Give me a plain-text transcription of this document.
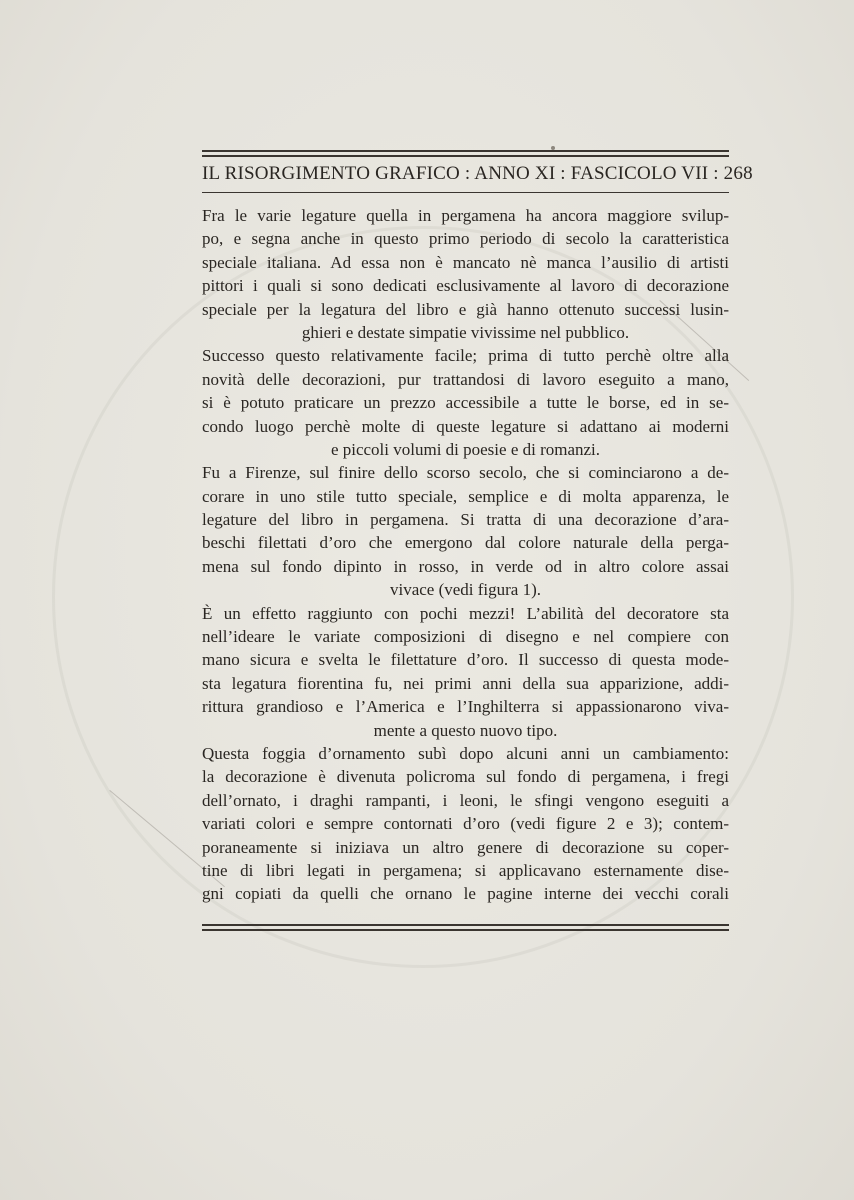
IL RISORGIMENTO GRAFICO : ANNO XI : FASCICOLO VII : 268
Fra le varie legature quella in pergamena ha ancora maggiore svilup-
po, e segna anche in questo primo periodo di secolo la caratteristica
speciale italiana. Ad essa non è mancato nè manca l’ausilio di artisti
pittori i quali si sono dedicati esclusivamente al lavoro di decorazione
speciale per la legatura del libro e già hanno ottenuto successi lusin-
ghieri e destate simpatie vivissime nel pubblico.
Successo questo relativamente facile; prima di tutto perchè oltre alla
novità delle decorazioni, pur trattandosi di lavoro eseguito a mano,
si è potuto praticare un prezzo accessibile a tutte le borse, ed in se-
condo luogo perchè molte di queste legature si adattano ai moderni
e piccoli volumi di poesie e di romanzi.
Fu a Firenze, sul finire dello scorso secolo, che si cominciarono a de-
corare in uno stile tutto speciale, semplice e di molta apparenza, le
legature del libro in pergamena. Si tratta di una decorazione d’ara-
beschi filettati d’oro che emergono dal colore naturale della perga-
mena sul fondo dipinto in rosso, in verde od in altro colore assai
vivace (vedi figura 1).
È un effetto raggiunto con pochi mezzi! L’abilità del decoratore sta
nell’ideare le variate composizioni di disegno e nel compiere con
mano sicura e svelta le filettature d’oro. Il successo di questa mode-
sta legatura fiorentina fu, nei primi anni della sua apparizione, addi-
rittura grandioso e l’America e l’Inghilterra si appassionarono viva-
mente a questo nuovo tipo.
Questa foggia d’ornamento subì dopo alcuni anni un cambiamento:
la decorazione è divenuta policroma sul fondo di pergamena, i fregi
dell’ornato, i draghi rampanti, i leoni, le sfingi vengono eseguiti a
variati colori e sempre contornati d’oro (vedi figure 2 e 3); contem-
poraneamente si iniziava un altro genere di decorazione su coper-
tine di libri legati in pergamena; si applicavano esternamente dise-
gni copiati da quelli che ornano le pagine interne dei vecchi corali
